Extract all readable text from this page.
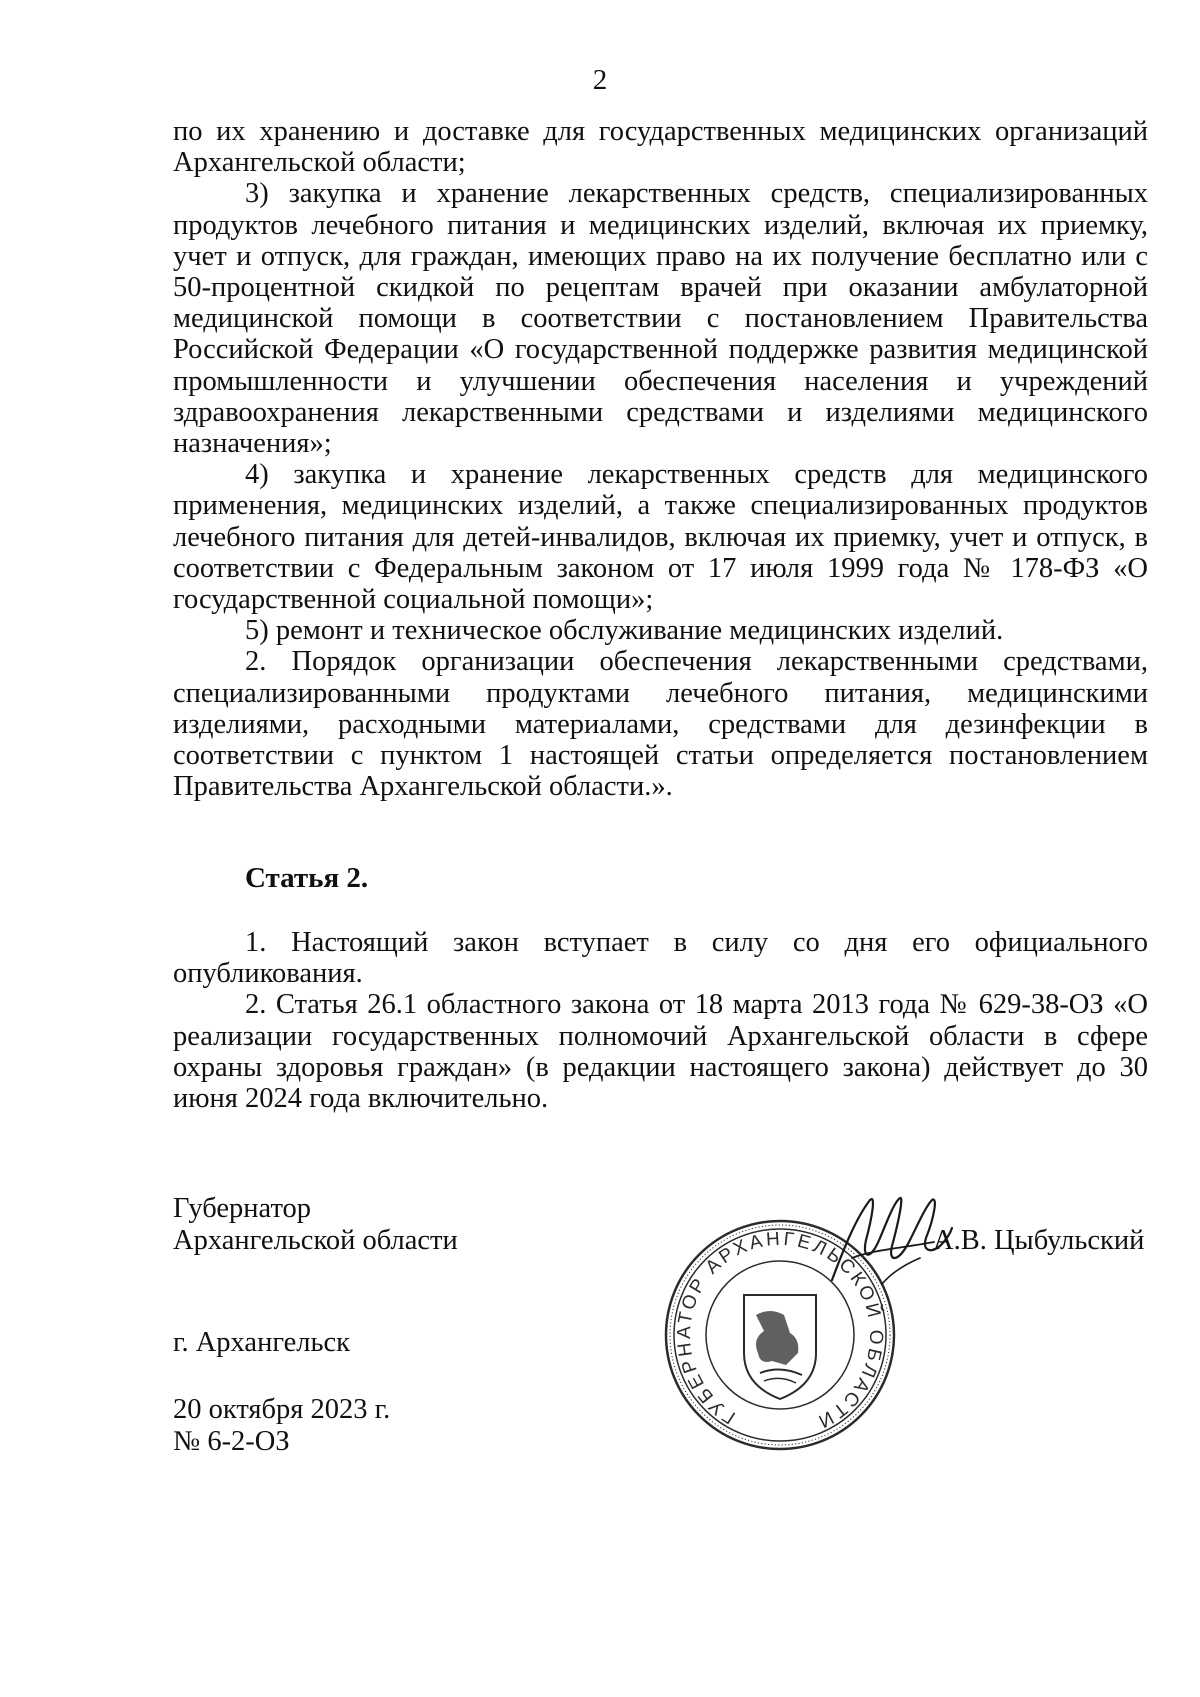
2

по их хранению и доставке для государственных медицинских организаций Архангельской области;

3) закупка и хранение лекарственных средств, специализированных продуктов лечебного питания и медицинских изделий, включая их приемку, учет и отпуск, для граждан, имеющих право на их получение бесплатно или с 50-процентной скидкой по рецептам врачей при оказании амбулаторной медицинской помощи в соответствии с постановлением Правительства Российской Федерации «О государственной поддержке развития медицинской промышленности и улучшении обеспечения населения и учреждений здравоохранения лекарственными средствами и изделиями медицинского назначения»;

4) закупка и хранение лекарственных средств для медицинского применения, медицинских изделий, а также специализированных продуктов лечебного питания для детей-инвалидов, включая их приемку, учет и отпуск, в соответствии с Федеральным законом от 17 июля 1999 года № 178-ФЗ «О государственной социальной помощи»;

5) ремонт и техническое обслуживание медицинских изделий.

2. Порядок организации обеспечения лекарственными средствами, специализированными продуктами лечебного питания, медицинскими изделиями, расходными материалами, средствами для дезинфекции в соответствии с пунктом 1 настоящей статьи определяется постановлением Правительства Архангельской области.».

Статья 2.

1. Настоящий закон вступает в силу со дня его официального опубликования.

2. Статья 26.1 областного закона от 18 марта 2013 года № 629-38-ОЗ «О реализации государственных полномочий Архангельской области в сфере охраны здоровья граждан» (в редакции настоящего закона) действует до 30 июня 2024 года включительно.

Губернатор
Архангельской области
ГУБЕРНАТОР АРХАНГЕЛЬСКОЙ ОБЛАСТИ
А.В. Цыбульский
г. Архангельск
20 октября 2023 г.
№ 6-2-ОЗ
